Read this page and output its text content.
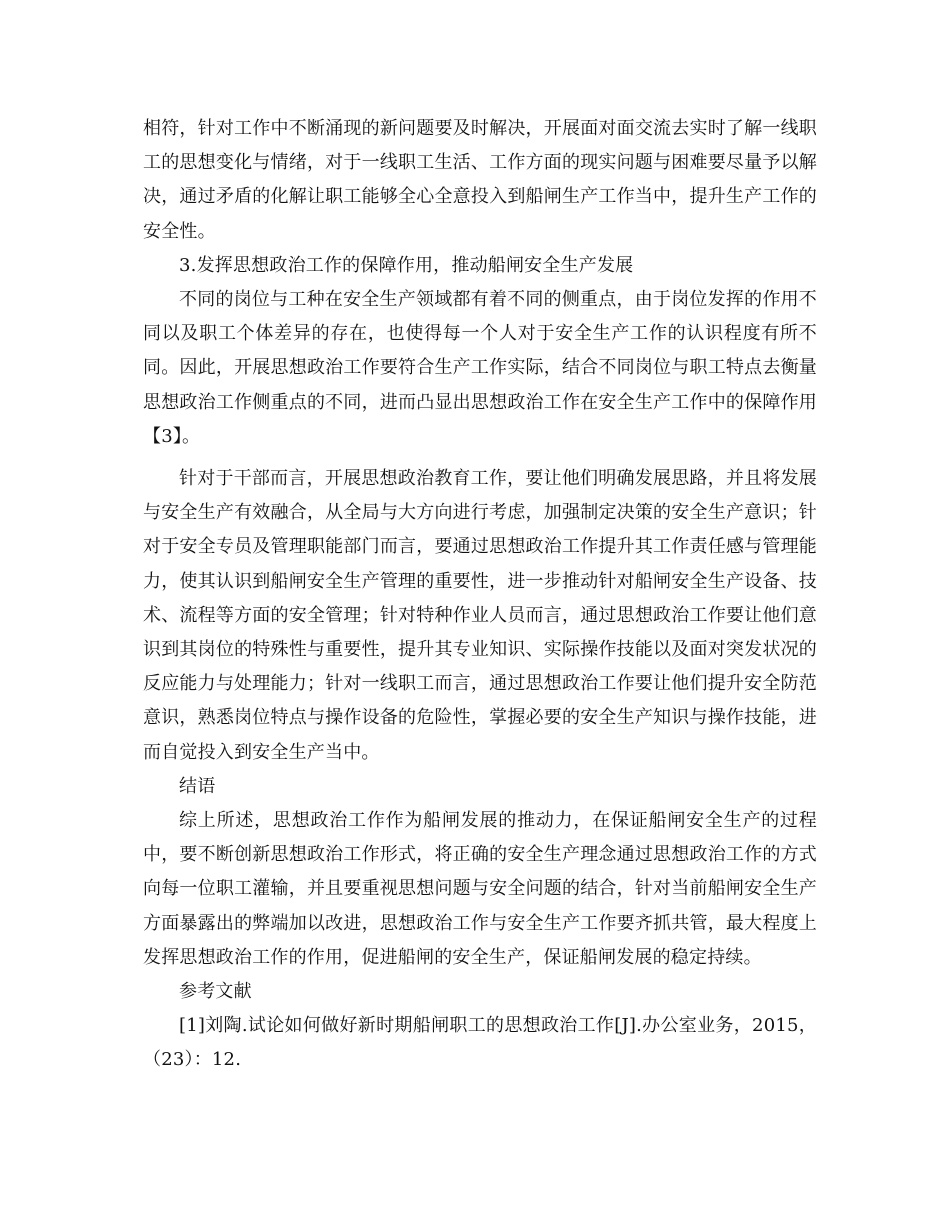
相符，针对工作中不断涌现的新问题要及时解决，开展面对面交流去实时了解一线职工的思想变化与情绪，对于一线职工生活、工作方面的现实问题与困难要尽量予以解决，通过矛盾的化解让职工能够全心全意投入到船闸生产工作当中，提升生产工作的安全性。

3.发挥思想政治工作的保障作用，推动船闸安全生产发展

不同的岗位与工种在安全生产领域都有着不同的侧重点，由于岗位发挥的作用不同以及职工个体差异的存在，也使得每一个人对于安全生产工作的认识程度有所不同。因此，开展思想政治工作要符合生产工作实际，结合不同岗位与职工特点去衡量思想政治工作侧重点的不同，进而凸显出思想政治工作在安全生产工作中的保障作用【3】。

针对于干部而言，开展思想政治教育工作，要让他们明确发展思路，并且将发展与安全生产有效融合，从全局与大方向进行考虑，加强制定决策的安全生产意识；针对于安全专员及管理职能部门而言，要通过思想政治工作提升其工作责任感与管理能力，使其认识到船闸安全生产管理的重要性，进一步推动针对船闸安全生产设备、技术、流程等方面的安全管理；针对特种作业人员而言，通过思想政治工作要让他们意识到其岗位的特殊性与重要性，提升其专业知识、实际操作技能以及面对突发状况的反应能力与处理能力；针对一线职工而言，通过思想政治工作要让他们提升安全防范意识，熟悉岗位特点与操作设备的危险性，掌握必要的安全生产知识与操作技能，进而自觉投入到安全生产当中。

结语

综上所述，思想政治工作作为船闸发展的推动力，在保证船闸安全生产的过程中，要不断创新思想政治工作形式，将正确的安全生产理念通过思想政治工作的方式向每一位职工灌输，并且要重视思想问题与安全问题的结合，针对当前船闸安全生产方面暴露出的弊端加以改进，思想政治工作与安全生产工作要齐抓共管，最大程度上发挥思想政治工作的作用，促进船闸的安全生产，保证船闸发展的稳定持续。

参考文献

[1]刘陶.试论如何做好新时期船闸职工的思想政治工作[J].办公室业务，2015，（23）：12.
